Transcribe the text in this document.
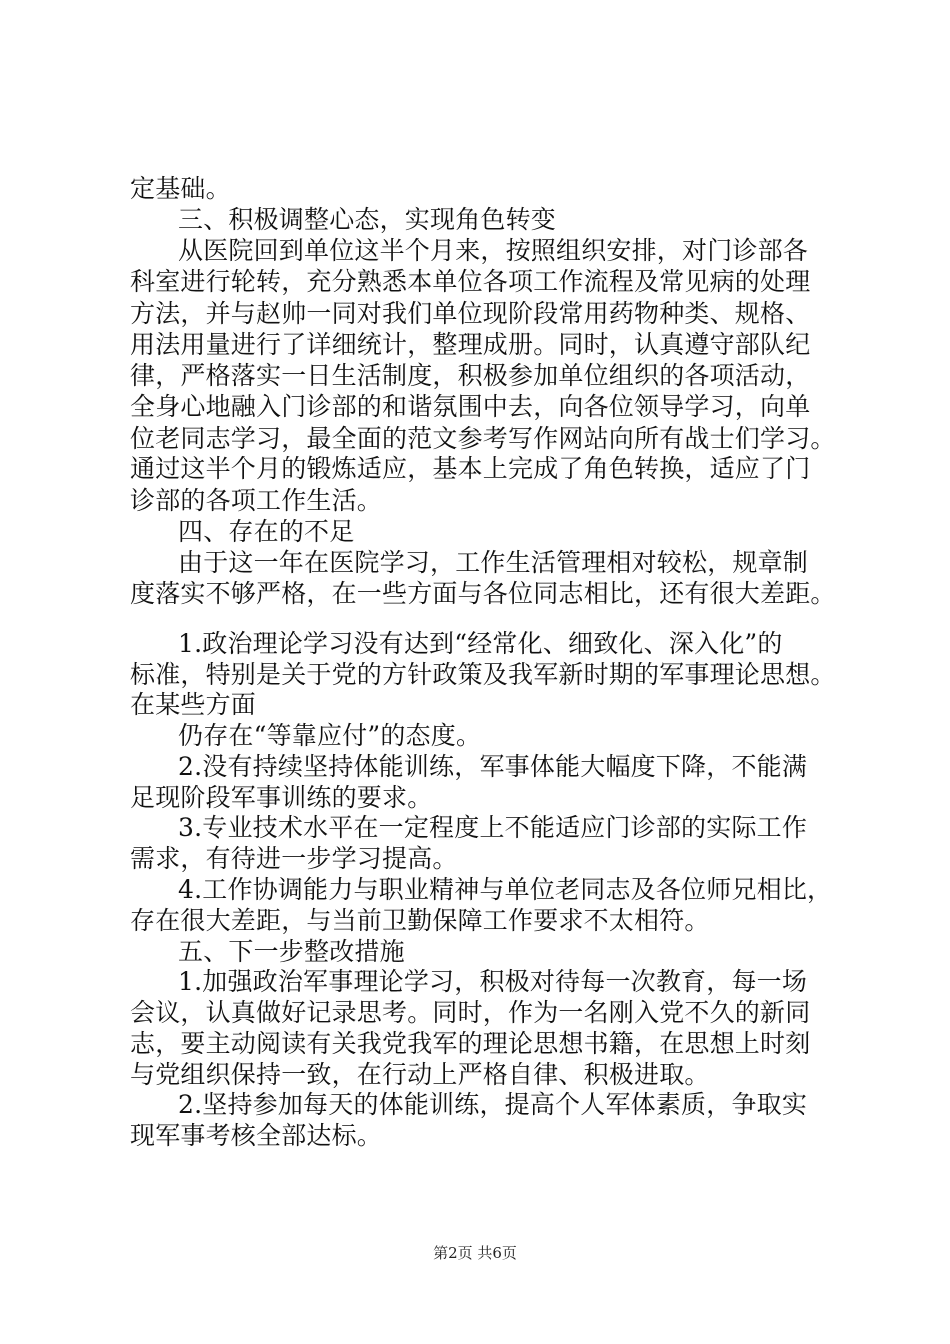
定基础。
三、积极调整心态，实现角色转变
从医院回到单位这半个月来，按照组织安排，对门诊部各
科室进行轮转，充分熟悉本单位各项工作流程及常见病的处理
方法，并与赵帅一同对我们单位现阶段常用药物种类、规格、
用法用量进行了详细统计，整理成册。同时，认真遵守部队纪
律，严格落实一日生活制度，积极参加单位组织的各项活动，
全身心地融入门诊部的和谐氛围中去，向各位领导学习，向单
位老同志学习，最全面的范文参考写作网站向所有战士们学习。
通过这半个月的锻炼适应，基本上完成了角色转换，适应了门
诊部的各项工作生活。
四、存在的不足
由于这一年在医院学习，工作生活管理相对较松，规章制
度落实不够严格，在一些方面与各位同志相比，还有很大差距。
1.政治理论学习没有达到“经常化、细致化、深入化”的
标准，特别是关于党的方针政策及我军新时期的军事理论思想。
在某些方面
仍存在“等靠应付”的态度。
2.没有持续坚持体能训练，军事体能大幅度下降，不能满
足现阶段军事训练的要求。
3.专业技术水平在一定程度上不能适应门诊部的实际工作
需求，有待进一步学习提高。
4.工作协调能力与职业精神与单位老同志及各位师兄相比，
存在很大差距，与当前卫勤保障工作要求不太相符。
五、下一步整改措施
1.加强政治军事理论学习，积极对待每一次教育，每一场
会议，认真做好记录思考。同时，作为一名刚入党不久的新同
志，要主动阅读有关我党我军的理论思想书籍，在思想上时刻
与党组织保持一致，在行动上严格自律、积极进取。
2.坚持参加每天的体能训练，提高个人军体素质，争取实
现军事考核全部达标。
第2页 共6页
